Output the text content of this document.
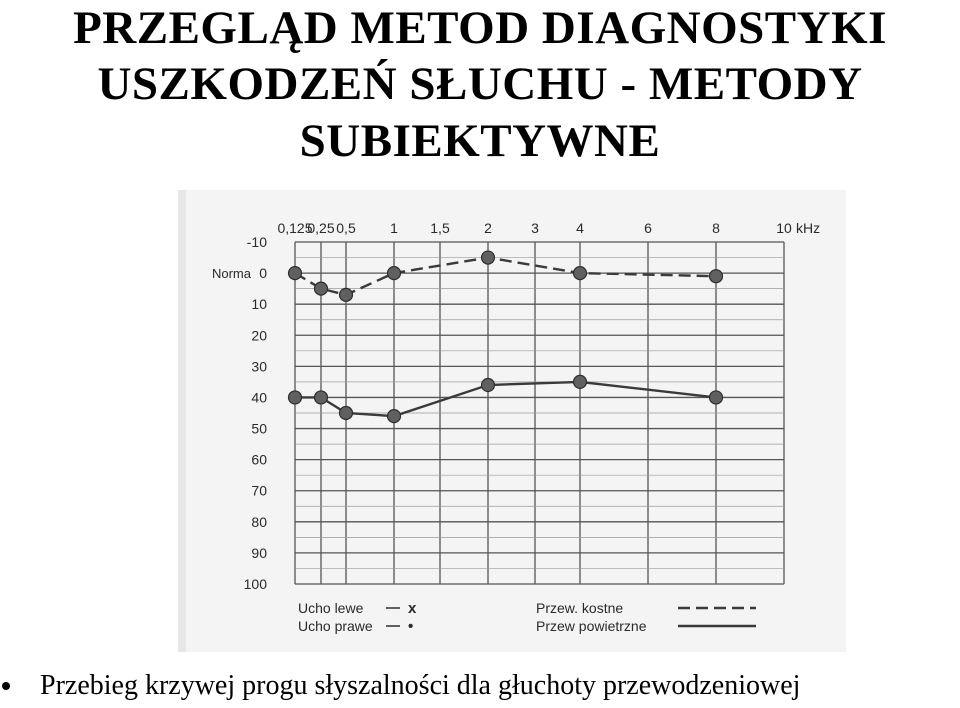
PRZEGLĄD METOD DIAGNOSTYKI
USZKODZEŃ SŁUCHU - METODY
SUBIEKTYWNE
0,125
0,25 0,5 1 1,5 2	3	4	6	8	10 kHz
-10
0
10
20
30
40
50
60
70
80
90
100
Norma
Ucho lewe	x
Ucho prawe •
Przew. kostne
Przew powietrzne
Przebieg krzywej progu słyszalności dla głuchoty przewodzeniowej
